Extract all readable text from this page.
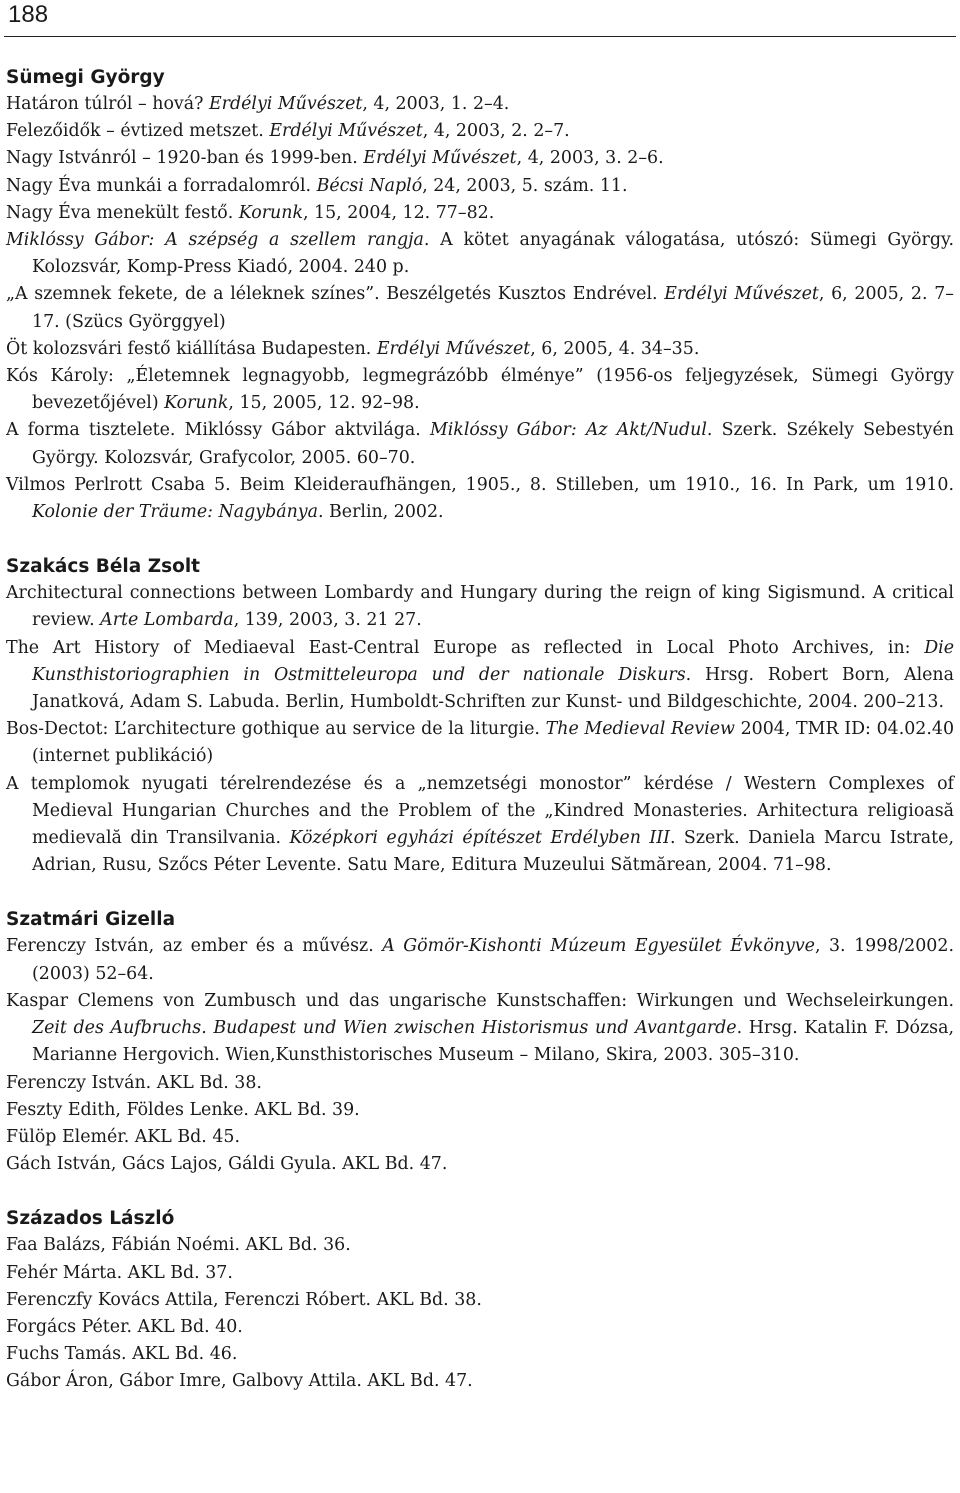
188
Sümegi György
Határon túlról – hová? Erdélyi Művészet, 4, 2003, 1. 2–4.
Felezőidők – évtized metszet. Erdélyi Művészet, 4, 2003, 2. 2–7.
Nagy Istvánról – 1920-ban és 1999-ben. Erdélyi Művészet, 4, 2003, 3. 2–6.
Nagy Éva munkái a forradalomról. Bécsi Napló, 24, 2003, 5. szám. 11.
Nagy Éva menekült festő. Korunk, 15, 2004, 12. 77–82.
Miklóssy Gábor: A szépség a szellem rangja. A kötet anyagának válogatása, utószó: Sümegi György. Kolozsvár, Komp-Press Kiadó, 2004. 240 p.
„A szemnek fekete, de a léleknek színes”. Beszélgetés Kusztos Endrével. Erdélyi Művészet, 6, 2005, 2. 7–17. (Szücs Györggyel)
Öt kolozsvári festő kiállítása Budapesten. Erdélyi Művészet, 6, 2005, 4. 34–35.
Kós Károly: „Életemnek legnagyobb, legmegrázóbb élménye” (1956-os feljegyzések, Sümegi György bevezetőjével) Korunk, 15, 2005, 12. 92–98.
A forma tisztelete. Miklóssy Gábor aktvilága. Miklóssy Gábor: Az Akt/Nudul. Szerk. Székely Sebestyén György. Kolozsvár, Grafycolor, 2005. 60–70.
Vilmos Perlrott Csaba 5. Beim Kleideraufhängen, 1905., 8. Stilleben, um 1910., 16. In Park, um 1910. Kolonie der Träume: Nagybánya. Berlin, 2002.
Szakács Béla Zsolt
Architectural connections between Lombardy and Hungary during the reign of king Sigismund. A critical review. Arte Lombarda, 139, 2003, 3. 21 27.
The Art History of Mediaeval East-Central Europe as reflected in Local Photo Archives, in: Die Kunsthistoriographien in Ostmitteleuropa und der nationale Diskurs. Hrsg. Robert Born, Alena Janatková, Adam S. Labuda. Berlin, Humboldt-Schriften zur Kunst- und Bildgeschichte, 2004. 200–213.
Bos-Dectot: L’architecture gothique au service de la liturgie. The Medieval Review 2004, TMR ID: 04.02.40 (internet publikáció)
A templomok nyugati térelrendezése és a „nemzetségi monostor” kérdése / Western Complexes of Medieval Hungarian Churches and the Problem of the „Kindred Monasteries. Arhitectura religioasă medievală din Transilvania. Középkori egyházi építészet Erdélyben III. Szerk. Daniela Marcu Istrate, Adrian, Rusu, Szőcs Péter Levente. Satu Mare, Editura Muzeului Sătmărean, 2004. 71–98.
Szatmári Gizella
Ferenczy István, az ember és a művész. A Gömör-Kishonti Múzeum Egyesület Évkönyve, 3. 1998/2002. (2003) 52–64.
Kaspar Clemens von Zumbusch und das ungarische Kunstschaffen: Wirkungen und Wechseleirkungen. Zeit des Aufbruchs. Budapest und Wien zwischen Historismus und Avantgarde. Hrsg. Katalin F. Dózsa, Marianne Hergovich. Wien,Kunsthistorisches Museum – Milano, Skira, 2003. 305–310.
Ferenczy István. AKL Bd. 38.
Feszty Edith, Földes Lenke. AKL Bd. 39.
Fülöp Elemér. AKL Bd. 45.
Gách István, Gács Lajos, Gáldi Gyula. AKL Bd. 47.
Százados László
Faa Balázs, Fábián Noémi. AKL Bd. 36.
Fehér Márta. AKL Bd. 37.
Ferenczfy Kovács Attila, Ferenczi Róbert. AKL Bd. 38.
Forgács Péter. AKL Bd. 40.
Fuchs Tamás. AKL Bd. 46.
Gábor Áron, Gábor Imre, Galbovy Attila. AKL Bd. 47.
